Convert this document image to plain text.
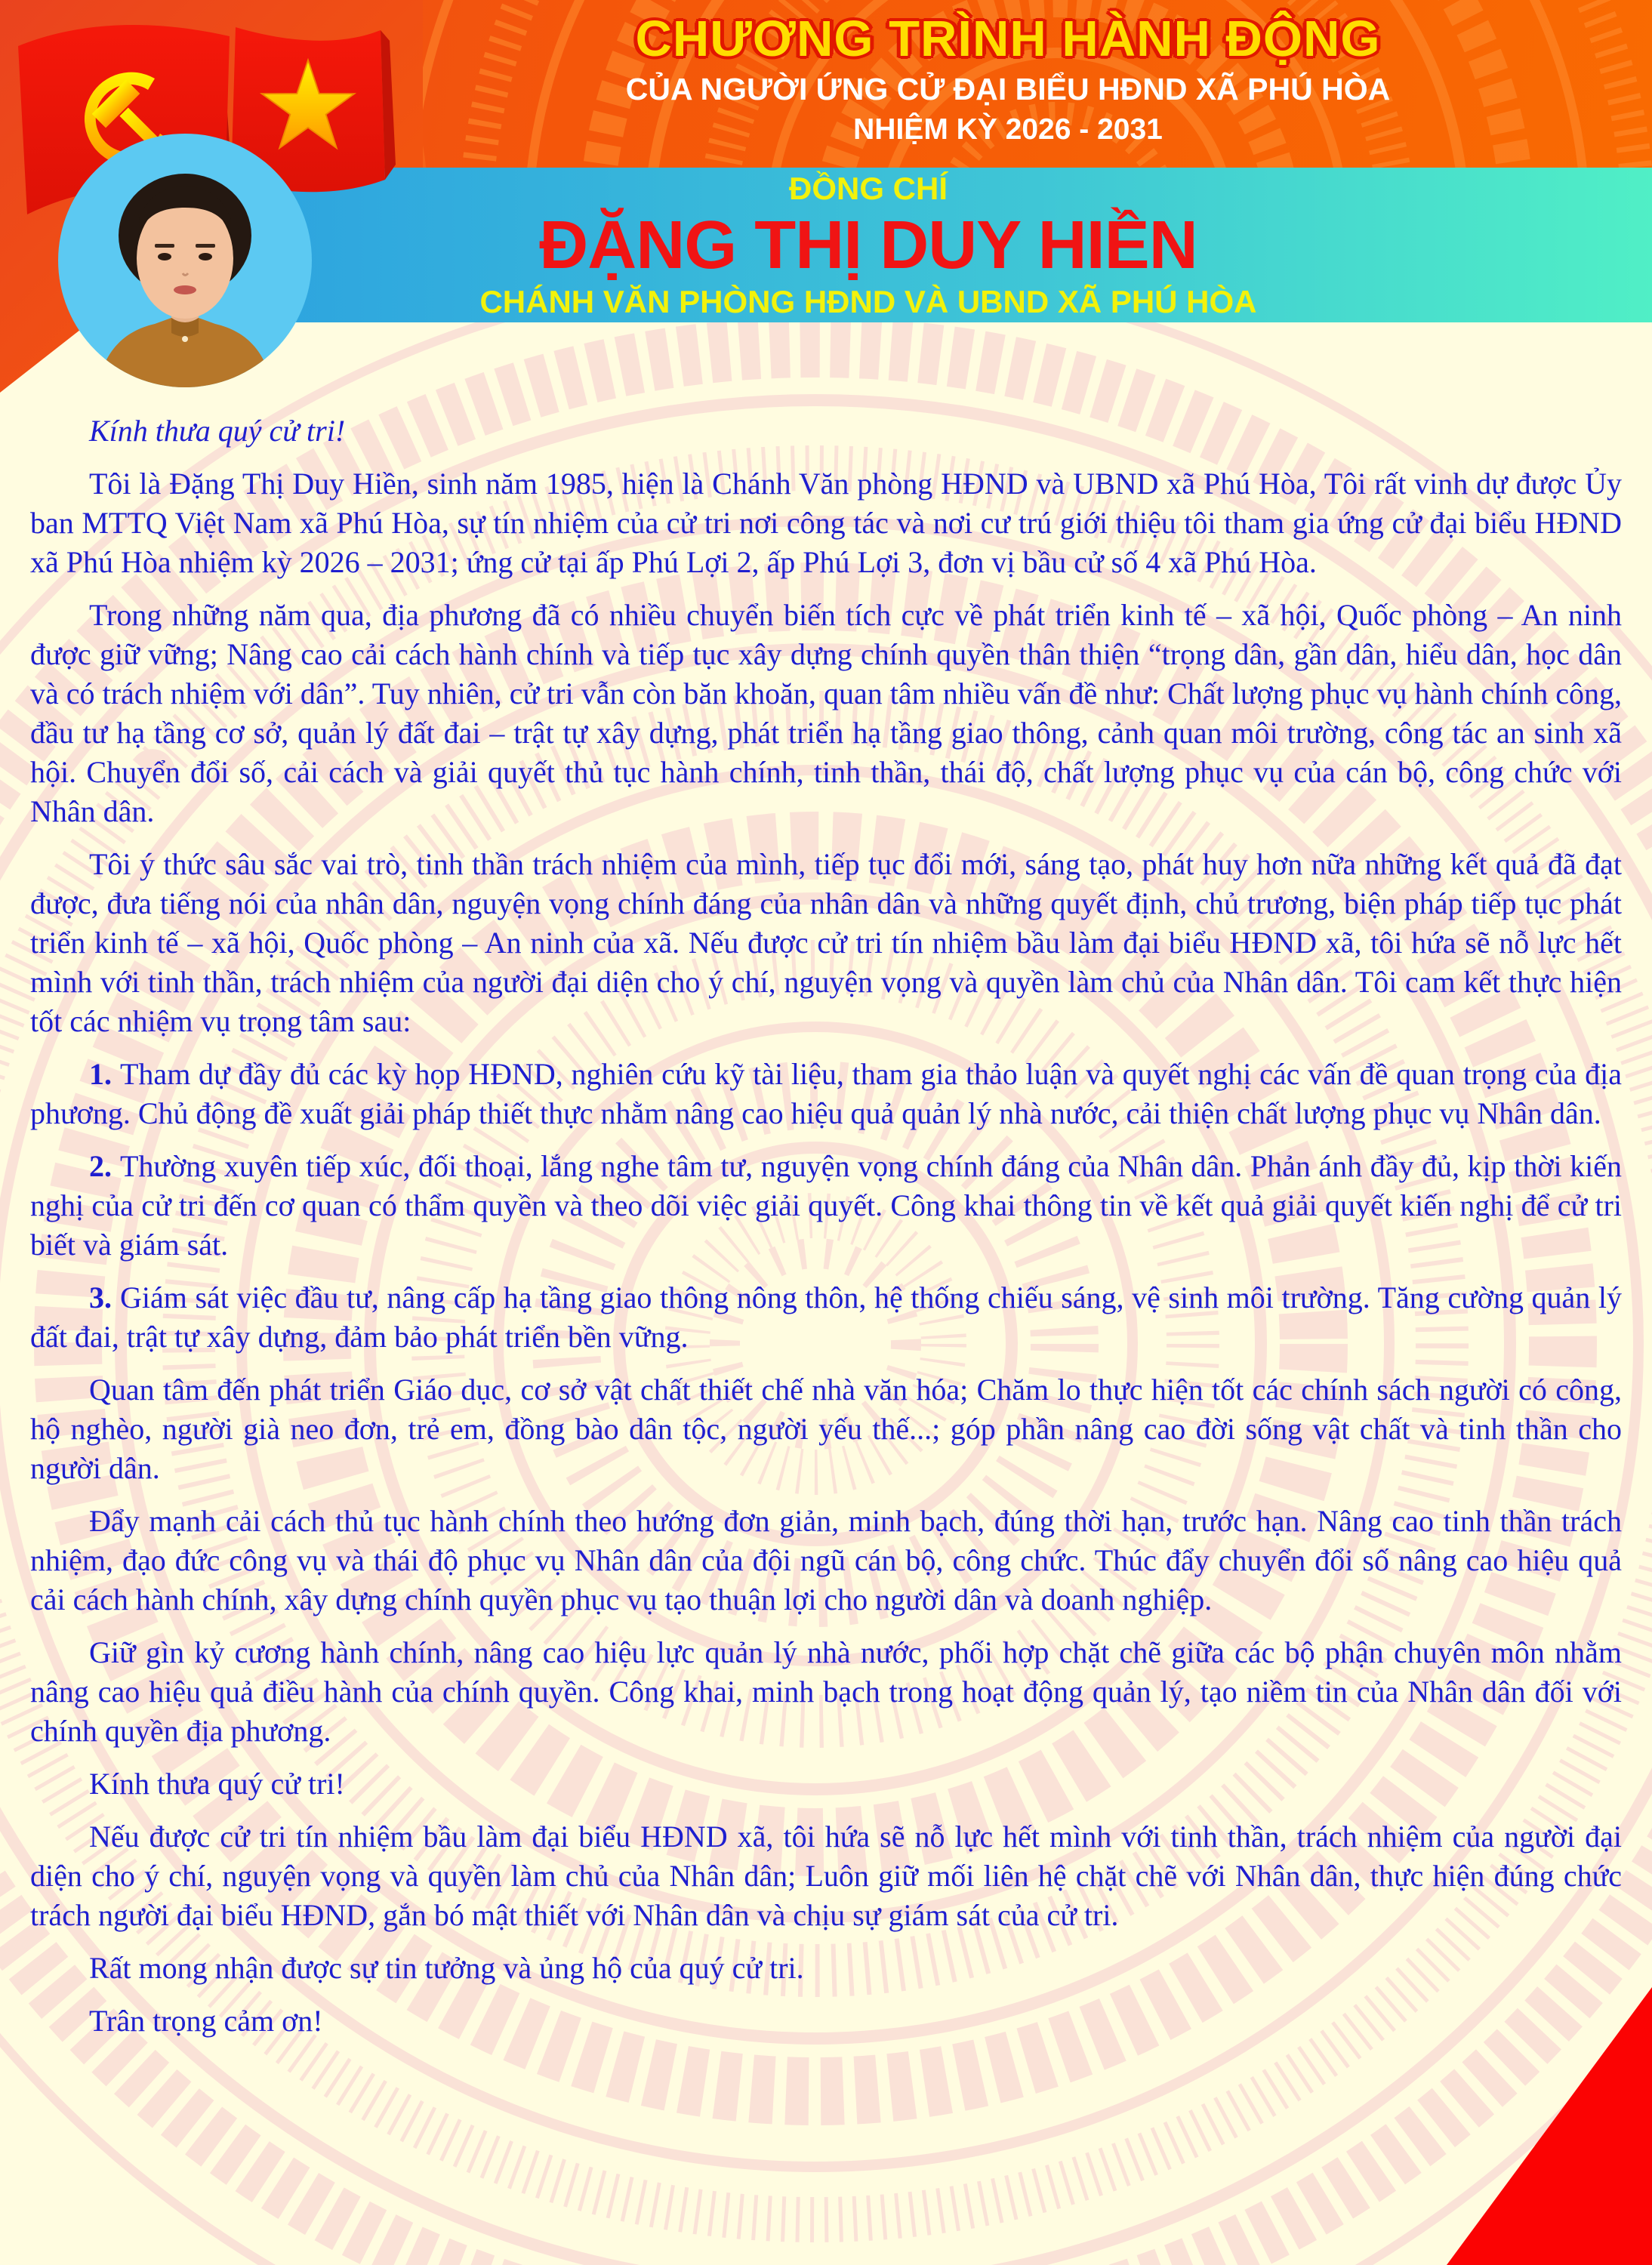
CHƯƠNG TRÌNH HÀNH ĐỘNG
CỦA NGƯỜI ỨNG CỬ ĐẠI BIỂU HĐND XÃ PHÚ HÒA
NHIỆM KỲ 2026 - 2031
ĐỒNG CHÍ
ĐẶNG THỊ DUY HIỀN
CHÁNH VĂN PHÒNG HĐND VÀ UBND XÃ PHÚ HÒA

Kính thưa quý cử tri!

Tôi là Đặng Thị Duy Hiền, sinh năm 1985, hiện là Chánh Văn phòng HĐND và UBND xã Phú Hòa, Tôi rất vinh dự được Ủy ban MTTQ Việt Nam xã Phú Hòa, sự tín nhiệm của cử tri nơi công tác và nơi cư trú giới thiệu tôi tham gia ứng cử đại biểu HĐND xã Phú Hòa nhiệm kỳ 2026 – 2031; ứng cử tại ấp Phú Lợi 2, ấp Phú Lợi 3, đơn vị bầu cử số 4 xã Phú Hòa.

Trong những năm qua, địa phương đã có nhiều chuyển biến tích cực về phát triển kinh tế – xã hội, Quốc phòng – An ninh được giữ vững; Nâng cao cải cách hành chính và tiếp tục xây dựng chính quyền thân thiện “trọng dân, gần dân, hiểu dân, học dân và có trách nhiệm với dân”. Tuy nhiên, cử tri vẫn còn băn khoăn, quan tâm nhiều vấn đề như: Chất lượng phục vụ hành chính công, đầu tư hạ tầng cơ sở, quản lý đất đai – trật tự xây dựng, phát triển hạ tầng giao thông, cảnh quan môi trường, công tác an sinh xã hội. Chuyển đổi số, cải cách và giải quyết thủ tục hành chính, tinh thần, thái độ, chất lượng phục vụ của cán bộ, công chức với Nhân dân.

Tôi ý thức sâu sắc vai trò, tinh thần trách nhiệm của mình, tiếp tục đổi mới, sáng tạo, phát huy hơn nữa những kết quả đã đạt được, đưa tiếng nói của nhân dân, nguyện vọng chính đáng của nhân dân và những quyết định, chủ trương, biện pháp tiếp tục phát triển kinh tế – xã hội, Quốc phòng – An ninh của xã. Nếu được cử tri tín nhiệm bầu làm đại biểu HĐND xã, tôi hứa sẽ nỗ lực hết mình với tinh thần, trách nhiệm của người đại diện cho ý chí, nguyện vọng và quyền làm chủ của Nhân dân. Tôi cam kết thực hiện tốt các nhiệm vụ trọng tâm sau:

1. Tham dự đầy đủ các kỳ họp HĐND, nghiên cứu kỹ tài liệu, tham gia thảo luận và quyết nghị các vấn đề quan trọng của địa phương. Chủ động đề xuất giải pháp thiết thực nhằm nâng cao hiệu quả quản lý nhà nước, cải thiện chất lượng phục vụ Nhân dân.

2. Thường xuyên tiếp xúc, đối thoại, lắng nghe tâm tư, nguyện vọng chính đáng của Nhân dân. Phản ánh đầy đủ, kịp thời kiến nghị của cử tri đến cơ quan có thẩm quyền và theo dõi việc giải quyết. Công khai thông tin về kết quả giải quyết kiến nghị để cử tri biết và giám sát.

3. Giám sát việc đầu tư, nâng cấp hạ tầng giao thông nông thôn, hệ thống chiếu sáng, vệ sinh môi trường. Tăng cường quản lý đất đai, trật tự xây dựng, đảm bảo phát triển bền vững.

Quan tâm đến phát triển Giáo dục, cơ sở vật chất thiết chế nhà văn hóa; Chăm lo thực hiện tốt các chính sách người có công, hộ nghèo, người già neo đơn, trẻ em, đồng bào dân tộc, người yếu thế...; góp phần nâng cao đời sống vật chất và tinh thần cho người dân.

Đẩy mạnh cải cách thủ tục hành chính theo hướng đơn giản, minh bạch, đúng thời hạn, trước hạn. Nâng cao tinh thần trách nhiệm, đạo đức công vụ và thái độ phục vụ Nhân dân của đội ngũ cán bộ, công chức. Thúc đẩy chuyển đổi số nâng cao hiệu quả cải cách hành chính, xây dựng chính quyền phục vụ tạo thuận lợi cho người dân và doanh nghiệp.

Giữ gìn kỷ cương hành chính, nâng cao hiệu lực quản lý nhà nước, phối hợp chặt chẽ giữa các bộ phận chuyên môn nhằm nâng cao hiệu quả điều hành của chính quyền. Công khai, minh bạch trong hoạt động quản lý, tạo niềm tin của Nhân dân đối với chính quyền địa phương.

Kính thưa quý cử tri!

Nếu được cử tri tín nhiệm bầu làm đại biểu HĐND xã, tôi hứa sẽ nỗ lực hết mình với tinh thần, trách nhiệm của người đại diện cho ý chí, nguyện vọng và quyền làm chủ của Nhân dân; Luôn giữ mối liên hệ chặt chẽ với Nhân dân, thực hiện đúng chức trách người đại biểu HĐND, gắn bó mật thiết với Nhân dân và chịu sự giám sát của cử tri.

Rất mong nhận được sự tin tưởng và ủng hộ của quý cử tri.

Trân trọng cảm ơn!
